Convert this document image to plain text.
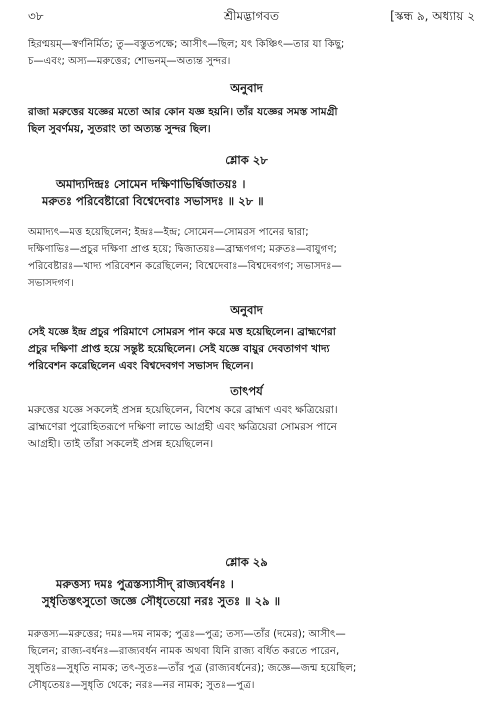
৩৮	শ্রীমদ্ভাগবত	[স্কন্ধ ৯, অধ্যায় ২
হিরণ্ময়ম্—স্বর্ণনির্মিত; তু—বস্তুতপক্ষে; আসীৎ—ছিল; যৎ কিঞ্চিৎ—তার যা কিছু;
চ—এবং; অস্য—মরুত্তের; শোভনম্—অত্যন্ত সুন্দর।
অনুবাদ
রাজা মরুত্তের যজ্ঞের মতো আর কোন যজ্ঞ হয়নি। তাঁর যজ্ঞের সমস্ত সামগ্রী
ছিল সুবর্ণময়, সুতরাং তা অত্যন্ত সুন্দর ছিল।
শ্লোক ২৮
অমাদ্যদিন্দ্রঃ সোমেন দক্ষিণাভির্দ্বিজাতয়ঃ ।
মরুতঃ পরিবেষ্টারো বিশ্বেদেবাঃ সভাসদঃ ॥ ২৮ ॥
অমাদ্যৎ—মত্ত হয়েছিলেন; ইন্দ্রঃ—ইন্দ্র; সোমেন—সোমরস পানের দ্বারা;
দক্ষিণাভিঃ—প্রচুর দক্ষিণা প্রাপ্ত হয়ে; দ্বিজাতয়ঃ—ব্রাহ্মণগণ; মরুতঃ—বায়ুগণ;
পরিবেষ্টারঃ—খাদ্য পরিবেশন করেছিলেন; বিশ্বেদেবাঃ—বিশ্বদেবগণ; সভাসদঃ—
সভাসদগণ।
অনুবাদ
সেই যজ্ঞে ইন্দ্র প্রচুর পরিমাণে সোমরস পান করে মত্ত হয়েছিলেন। ব্রাহ্মণেরা
প্রচুর দক্ষিণা প্রাপ্ত হয়ে সন্তুষ্ট হয়েছিলেন। সেই যজ্ঞে বায়ুর দেবতাগণ খাদ্য
পরিবেশন করেছিলেন এবং বিশ্বদেবগণ সভাসদ ছিলেন।
তাৎপর্য
মরুত্তের যজ্ঞে সকলেই প্রসন্ন হয়েছিলেন, বিশেষ করে ব্রাহ্মণ এবং ক্ষত্রিয়েরা।
ব্রাহ্মণেরা পুরোহিতরূপে দক্ষিণা লাভে আগ্রহী এবং ক্ষত্রিয়েরা সোমরস পানে
আগ্রহী। তাই তাঁরা সকলেই প্রসন্ন হয়েছিলেন।
শ্লোক ২৯
মরুত্তস্য দমঃ পুত্রস্তস্যাসীদ্ রাজ্যবর্ধনঃ ।
সুধৃতিস্তৎসুতো জজ্ঞে সৌধৃতেয়ো নরঃ সুতঃ ॥ ২৯ ॥
মরুত্তস্য—মরুত্তের; দমঃ—দম নামক; পুত্রঃ—পুত্র; তস্য—তাঁর (দমের); আসীৎ—
ছিলেন; রাজ্য-বর্ধনঃ—রাজ্যবর্ধন নামক অথবা যিনি রাজ্য বর্ধিত করতে পারেন,
সুধৃতিঃ—সুধৃতি নামক; তৎ-সুতঃ—তাঁর পুত্র (রাজ্যবর্ধনের); জজ্ঞে—জন্ম হয়েছিল;
সৌধৃতেয়ঃ—সুধৃতি থেকে; নরঃ—নর নামক; সুতঃ—পুত্র।
